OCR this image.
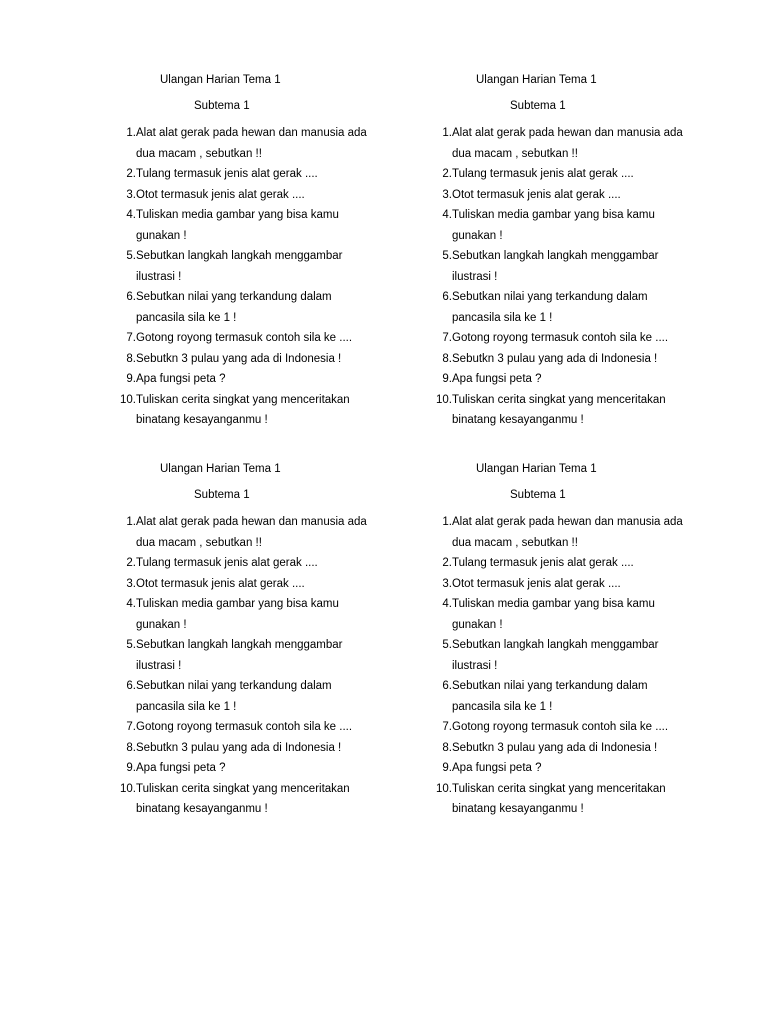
Ulangan Harian Tema 1
Subtema 1
1. Alat alat gerak pada hewan dan manusia ada dua macam , sebutkan !!
2. Tulang termasuk jenis alat gerak ....
3. Otot termasuk jenis alat gerak ....
4. Tuliskan media gambar yang bisa kamu gunakan !
5. Sebutkan langkah langkah menggambar ilustrasi !
6. Sebutkan nilai yang terkandung dalam pancasila sila ke 1 !
7. Gotong royong termasuk contoh sila ke ....
8. Sebutkn 3 pulau yang ada di Indonesia !
9. Apa fungsi peta ?
10. Tuliskan cerita singkat yang menceritakan binatang kesayanganmu !
Ulangan Harian Tema 1
Subtema 1
1. Alat alat gerak pada hewan dan manusia ada dua macam , sebutkan !!
2. Tulang termasuk jenis alat gerak ....
3. Otot termasuk jenis alat gerak ....
4. Tuliskan media gambar yang bisa kamu gunakan !
5. Sebutkan langkah langkah menggambar ilustrasi !
6. Sebutkan nilai yang terkandung dalam pancasila sila ke 1 !
7. Gotong royong termasuk contoh sila ke ....
8. Sebutkn 3 pulau yang ada di Indonesia !
9. Apa fungsi peta ?
10. Tuliskan cerita singkat yang menceritakan binatang kesayanganmu !
Ulangan Harian Tema 1
Subtema 1
1. Alat alat gerak pada hewan dan manusia ada dua macam , sebutkan !!
2. Tulang termasuk jenis alat gerak ....
3. Otot termasuk jenis alat gerak ....
4. Tuliskan media gambar yang bisa kamu gunakan !
5. Sebutkan langkah langkah menggambar ilustrasi !
6. Sebutkan nilai yang terkandung dalam pancasila sila ke 1 !
7. Gotong royong termasuk contoh sila ke ....
8. Sebutkn 3 pulau yang ada di Indonesia !
9. Apa fungsi peta ?
10. Tuliskan cerita singkat yang menceritakan binatang kesayanganmu !
Ulangan Harian Tema 1
Subtema 1
1. Alat alat gerak pada hewan dan manusia ada dua macam , sebutkan !!
2. Tulang termasuk jenis alat gerak ....
3. Otot termasuk jenis alat gerak ....
4. Tuliskan media gambar yang bisa kamu gunakan !
5. Sebutkan langkah langkah menggambar ilustrasi !
6. Sebutkan nilai yang terkandung dalam pancasila sila ke 1 !
7. Gotong royong termasuk contoh sila ke ....
8. Sebutkn 3 pulau yang ada di Indonesia !
9. Apa fungsi peta ?
10. Tuliskan cerita singkat yang menceritakan binatang kesayanganmu !
